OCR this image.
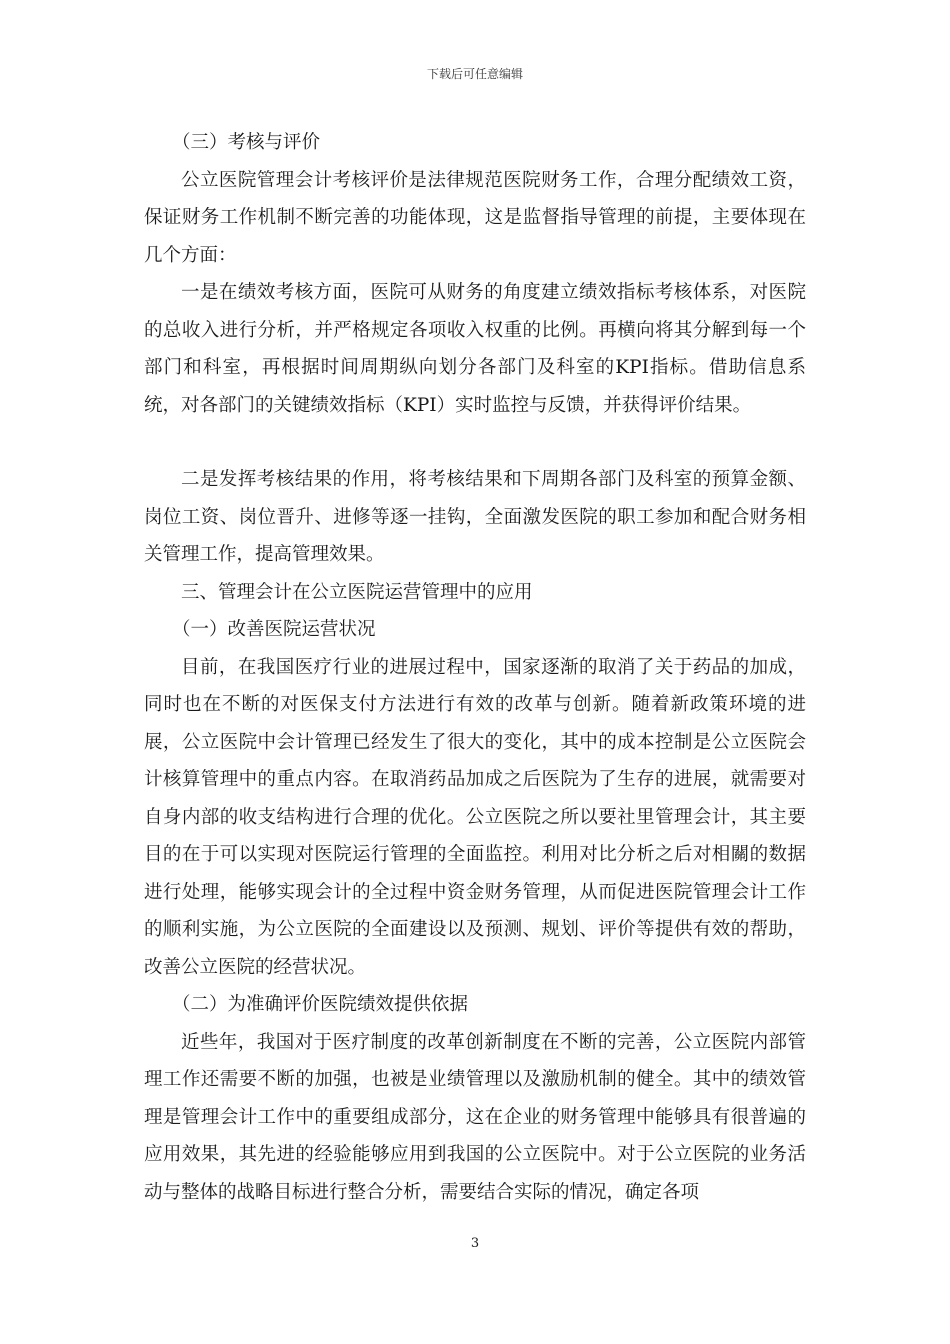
下载后可任意编辑

（三）考核与评价

公立医院管理会计考核评价是法律规范医院财务工作，合理分配绩效工资，保证财务工作机制不断完善的功能体现，这是监督指导管理的前提，主要体现在几个方面：

一是在绩效考核方面，医院可从财务的角度建立绩效指标考核体系，对医院的总收入进行分析，并严格规定各项收入权重的比例。再横向将其分解到每一个部门和科室，再根据时间周期纵向划分各部门及科室的KPI指标。借助信息系统，对各部门的关键绩效指标（KPI）实时监控与反馈，并获得评价结果。

二是发挥考核结果的作用，将考核结果和下周期各部门及科室的预算金额、岗位工资、岗位晋升、进修等逐一挂钩，全面激发医院的职工参加和配合财务相关管理工作，提高管理效果。

三、管理会计在公立医院运营管理中的应用

（一）改善医院运营状况

目前，在我国医疗行业的进展过程中，国家逐渐的取消了关于药品的加成，同时也在不断的对医保支付方法进行有效的改革与创新。随着新政策环境的进展，公立医院中会计管理已经发生了很大的变化，其中的成本控制是公立医院会计核算管理中的重点内容。在取消药品加成之后医院为了生存的进展，就需要对自身内部的收支结构进行合理的优化。公立医院之所以要社里管理会计，其主要目的在于可以实现对医院运行管理的全面监控。利用对比分析之后对相關的数据进行处理，能够实现会计的全过程中资金财务管理，从而促进医院管理会计工作的顺利实施，为公立医院的全面建设以及预测、规划、评价等提供有效的帮助，改善公立医院的经营状况。

（二）为准确评价医院绩效提供依据

近些年，我国对于医疗制度的改革创新制度在不断的完善，公立医院内部管理工作还需要不断的加强，也被是业绩管理以及激励机制的健全。其中的绩效管理是管理会计工作中的重要组成部分，这在企业的财务管理中能够具有很普遍的应用效果，其先进的经验能够应用到我国的公立医院中。对于公立医院的业务活动与整体的战略目标进行整合分析，需要结合实际的情况，确定各项

3
